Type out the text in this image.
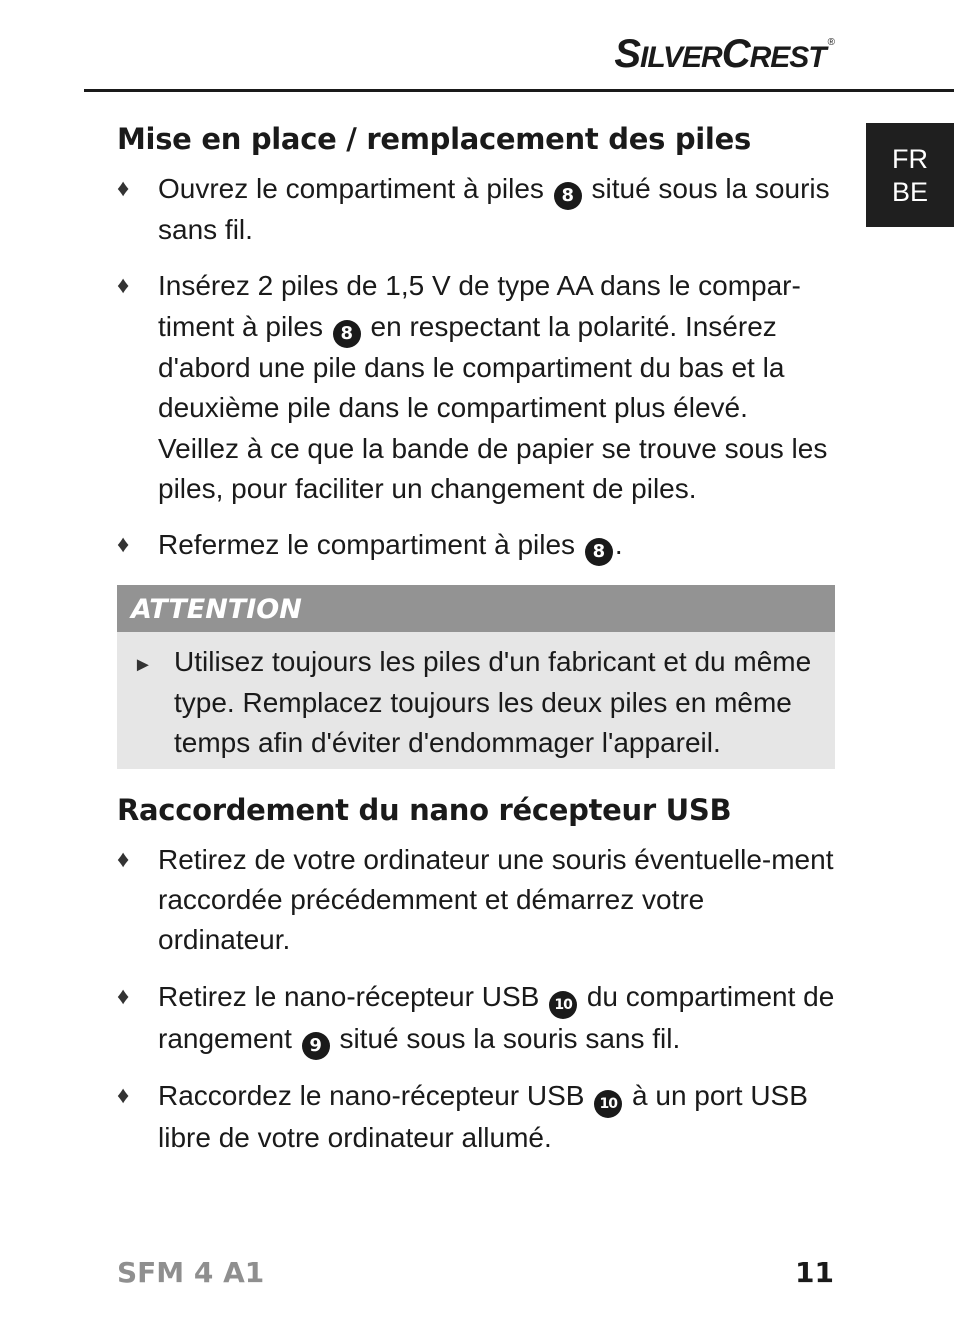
SILVERCREST ®
FR
BE
Mise en place / remplacement des piles
♦ Ouvrez le compartiment à piles 8 situé sous la souris sans fil.
♦ Insérez 2 piles de 1,5 V de type AA dans le compar-timent à piles 8 en respectant la polarité. Insérez d'abord une pile dans le compartiment du bas et la deuxième pile dans le compartiment plus élevé. Veillez à ce que la bande de papier se trouve sous les piles, pour faciliter un changement de piles.
♦ Refermez le compartiment à piles 8 .
ATTENTION
► Utilisez toujours les piles d'un fabricant et du même type. Remplacez toujours les deux piles en même temps afin d'éviter d'endommager l'appareil.
Raccordement du nano récepteur USB
♦ Retirez de votre ordinateur une souris éventuelle-ment raccordée précédemment et démarrez votre ordinateur.
♦ Retirez le nano-récepteur USB 10 du compartiment de rangement 9 situé sous la souris sans fil.
♦ Raccordez le nano-récepteur USB 10 à un port USB libre de votre ordinateur allumé.
SFM 4 A1	11
